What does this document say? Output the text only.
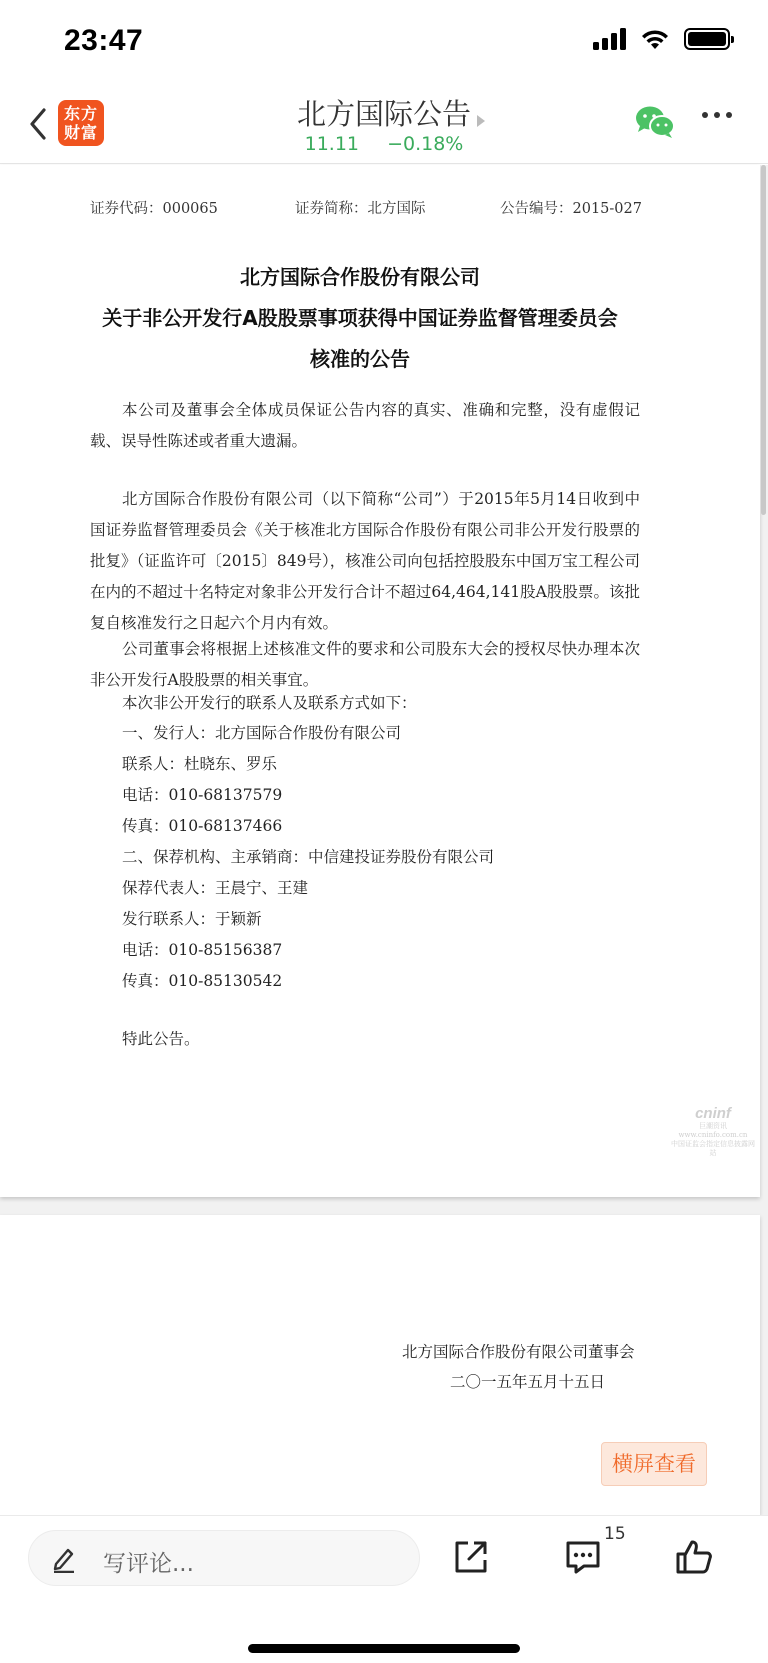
23:47
东方
财富
北方国际公告
11.11 −0.18%
证券代码：000065	证券简称：北方国际	公告编号：2015-027
北方国际合作股份有限公司
关于非公开发行A股股票事项获得中国证券监督管理委员会
核准的公告
本公司及董事会全体成员保证公告内容的真实、准确和完整，没有虚假记载、误导性陈述或者重大遗漏。
北方国际合作股份有限公司（以下简称“公司”）于2015年5月14日收到中国证券监督管理委员会《关于核准北方国际合作股份有限公司非公开发行股票的批复》（证监许可〔2015〕849号），核准公司向包括控股股东中国万宝工程公司在内的不超过十名特定对象非公开发行合计不超过64,464,141股A股股票。该批复自核准发行之日起六个月内有效。
公司董事会将根据上述核准文件的要求和公司股东大会的授权尽快办理本次非公开发行A股股票的相关事宜。
本次非公开发行的联系人及联系方式如下：
一、发行人：北方国际合作股份有限公司
联系人：杜晓东、罗乐
电话：010-68137579
传真：010-68137466
二、保荐机构、主承销商：中信建投证券股份有限公司
保荐代表人：王晨宁、王建
发行联系人：于颖新
电话：010-85156387
传真：010-85130542
特此公告。
cninf
巨潮资讯
www.cninfo.com.cn
中国证监会指定信息披露网站
北方国际合作股份有限公司董事会
二〇一五年五月十五日
横屏查看
写评论...
15
